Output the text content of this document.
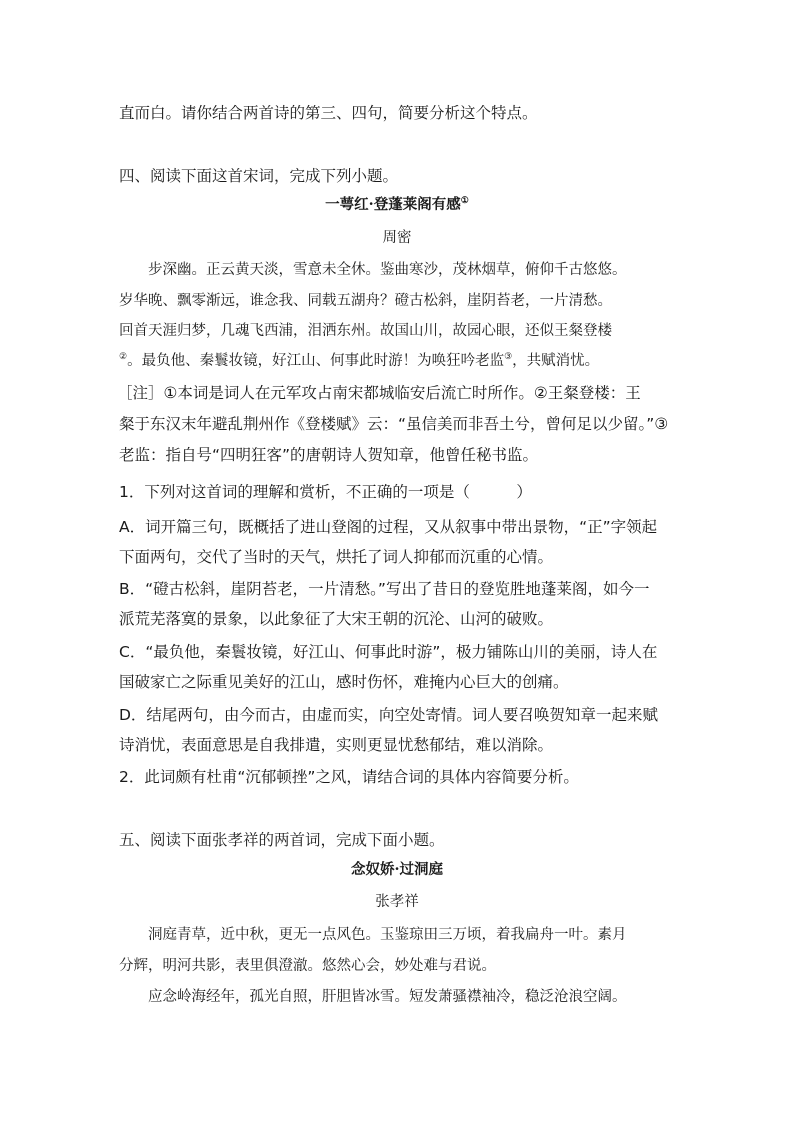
直而白。请你结合两首诗的第三、四句，简要分析这个特点。
四、阅读下面这首宋词，完成下列小题。
一萼红·登蓬莱阁有感①
周密
步深幽。正云黄天淡，雪意未全休。鉴曲寒沙，茂林烟草，俯仰千古悠悠。
岁华晚、飘零渐远，谁念我、同载五湖舟？磴古松斜，崖阴苔老，一片清愁。
回首天涯归梦，几魂飞西浦，泪洒东州。故国山川，故园心眼，还似王粲登楼
②。最负他、秦鬟妆镜，好江山、何事此时游！为唤狂吟老监③，共赋消忧。
［注］①本词是词人在元军攻占南宋都城临安后流亡时所作。②王粲登楼：王
粲于东汉末年避乱荆州作《登楼赋》云：“虽信美而非吾土兮，曾何足以少留。”③
老监：指自号“四明狂客”的唐朝诗人贺知章，他曾任秘书监。
1．下列对这首词的理解和赏析，不正确的一项是（　　　）
A．词开篇三句，既概括了进山登阁的过程，又从叙事中带出景物，“正”字领起
下面两句，交代了当时的天气，烘托了词人抑郁而沉重的心情。
B．“磴古松斜，崖阴苔老，一片清愁。”写出了昔日的登览胜地蓬莱阁，如今一
派荒芜落寞的景象，以此象征了大宋王朝的沉沦、山河的破败。
C．“最负他，秦鬟妆镜，好江山、何事此时游”，极力铺陈山川的美丽，诗人在
国破家亡之际重见美好的江山，感时伤怀，难掩内心巨大的创痛。
D．结尾两句，由今而古，由虚而实，向空处寄情。词人要召唤贺知章一起来赋
诗消忧，表面意思是自我排遣，实则更显忧愁郁结，难以消除。
2．此词颇有杜甫“沉郁顿挫”之风，请结合词的具体内容简要分析。
五、阅读下面张孝祥的两首词，完成下面小题。
念奴娇·过洞庭
张孝祥
洞庭青草，近中秋，更无一点风色。玉鉴琼田三万顷，着我扁舟一叶。素月
分辉，明河共影，表里俱澄澈。悠然心会，妙处难与君说。
应念岭海经年，孤光自照，肝胆皆冰雪。短发萧骚襟袖冷，稳泛沧浪空阔。
